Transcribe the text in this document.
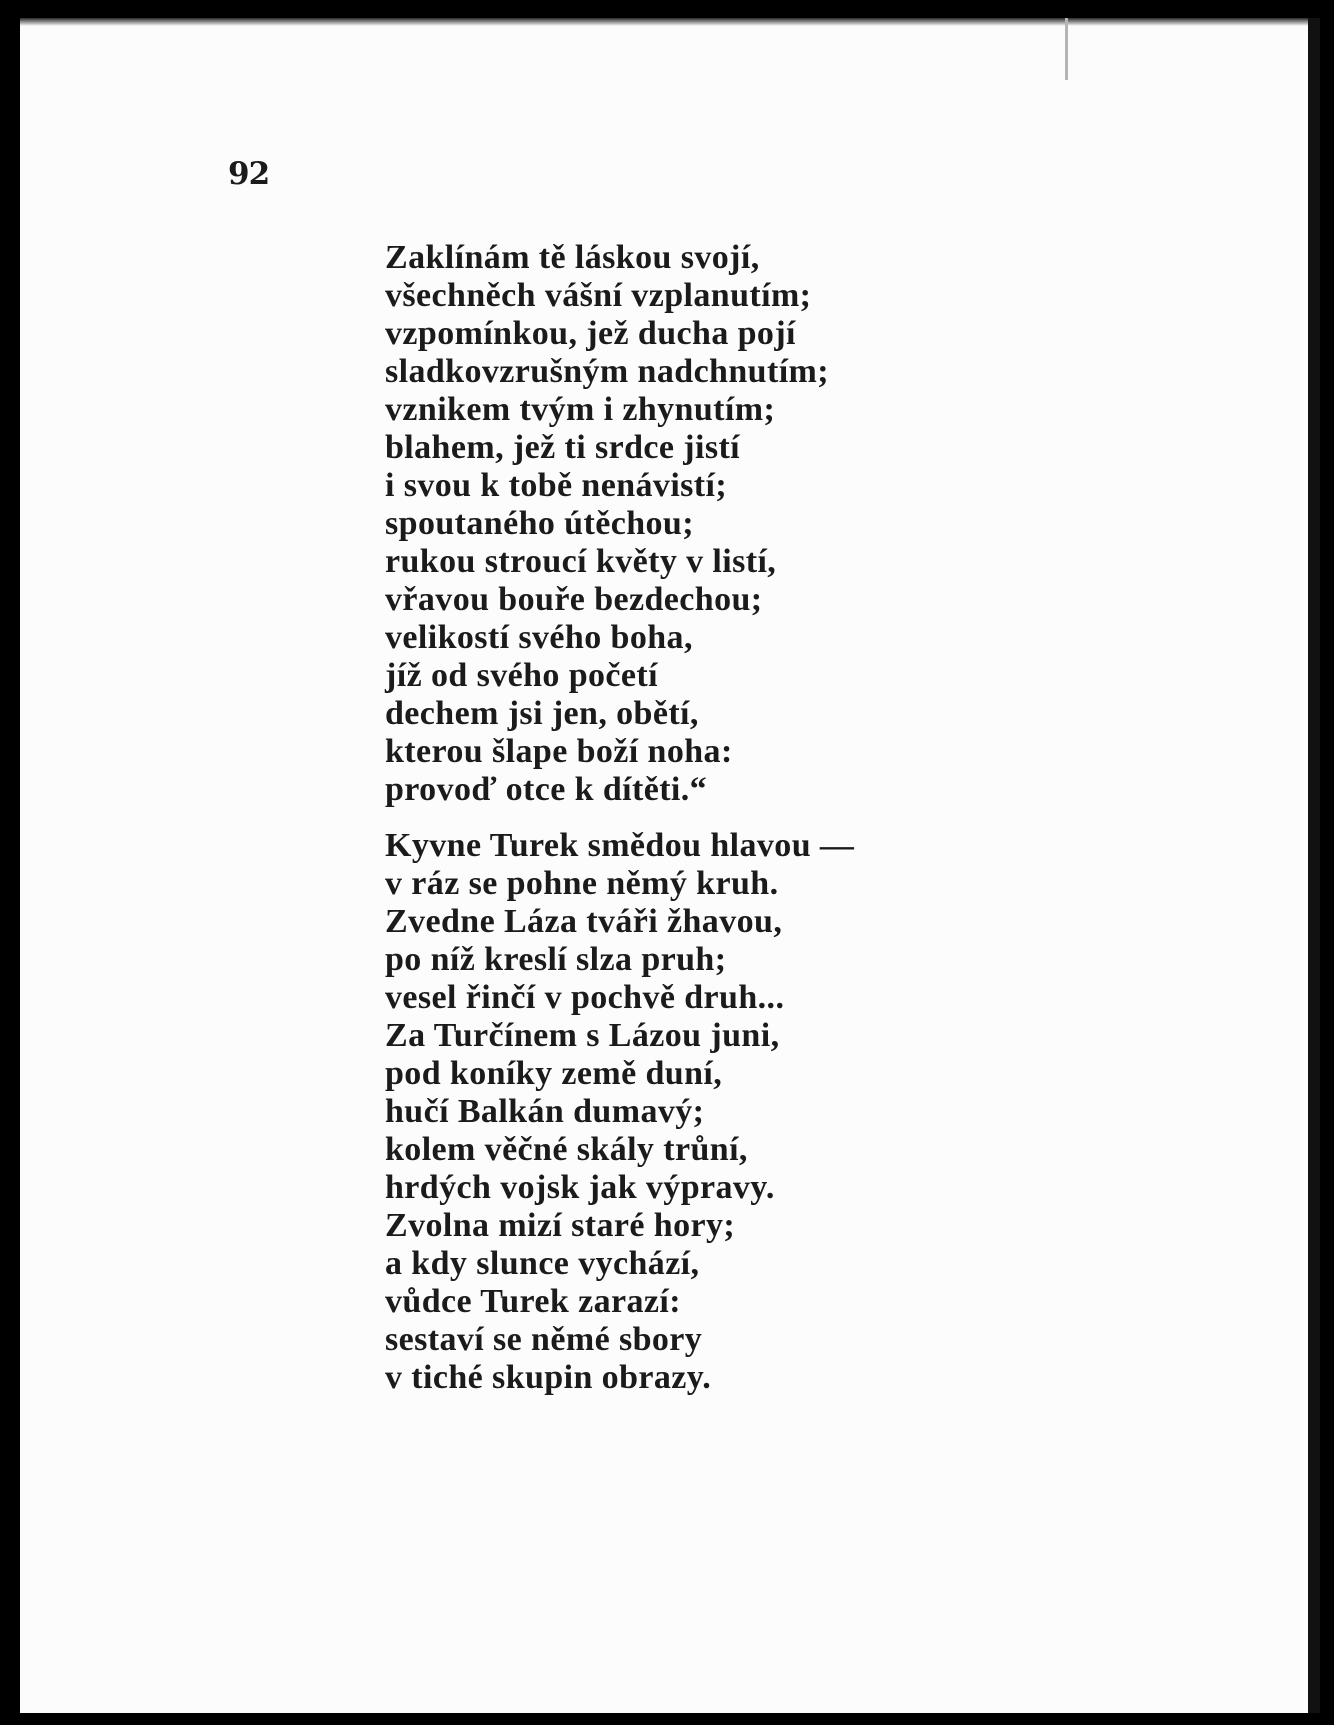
92
Zaklínám tě láskou svojí,
všechněch vášní vzplanutím;
vzpomínkou, jež ducha pojí
sladkovzrušným nadchnutím;
vznikem tvým i zhynutím;
blahem, jež ti srdce jistí
i svou k tobě nenávistí;
spoutaného útěchou;
rukou stroucí květy v listí,
vřavou bouře bezdechou;
velikostí svého boha,
jíž od svého početí
dechem jsi jen, obětí,
kterou šlape boží noha:
provoď otce k dítěti.“
Kyvne Turek smědou hlavou —
v ráz se pohne němý kruh.
Zvedne Láza tváři žhavou,
po níž kreslí slza pruh;
vesel řinčí v pochvě druh...
Za Turčínem s Lázou juni,
pod koníky země duní,
hučí Balkán dumavý;
kolem věčné skály trůní,
hrdých vojsk jak výpravy.
Zvolna mizí staré hory;
a kdy slunce vychází,
vůdce Turek zarazí:
sestaví se němé sbory
v tiché skupin obrazy.
